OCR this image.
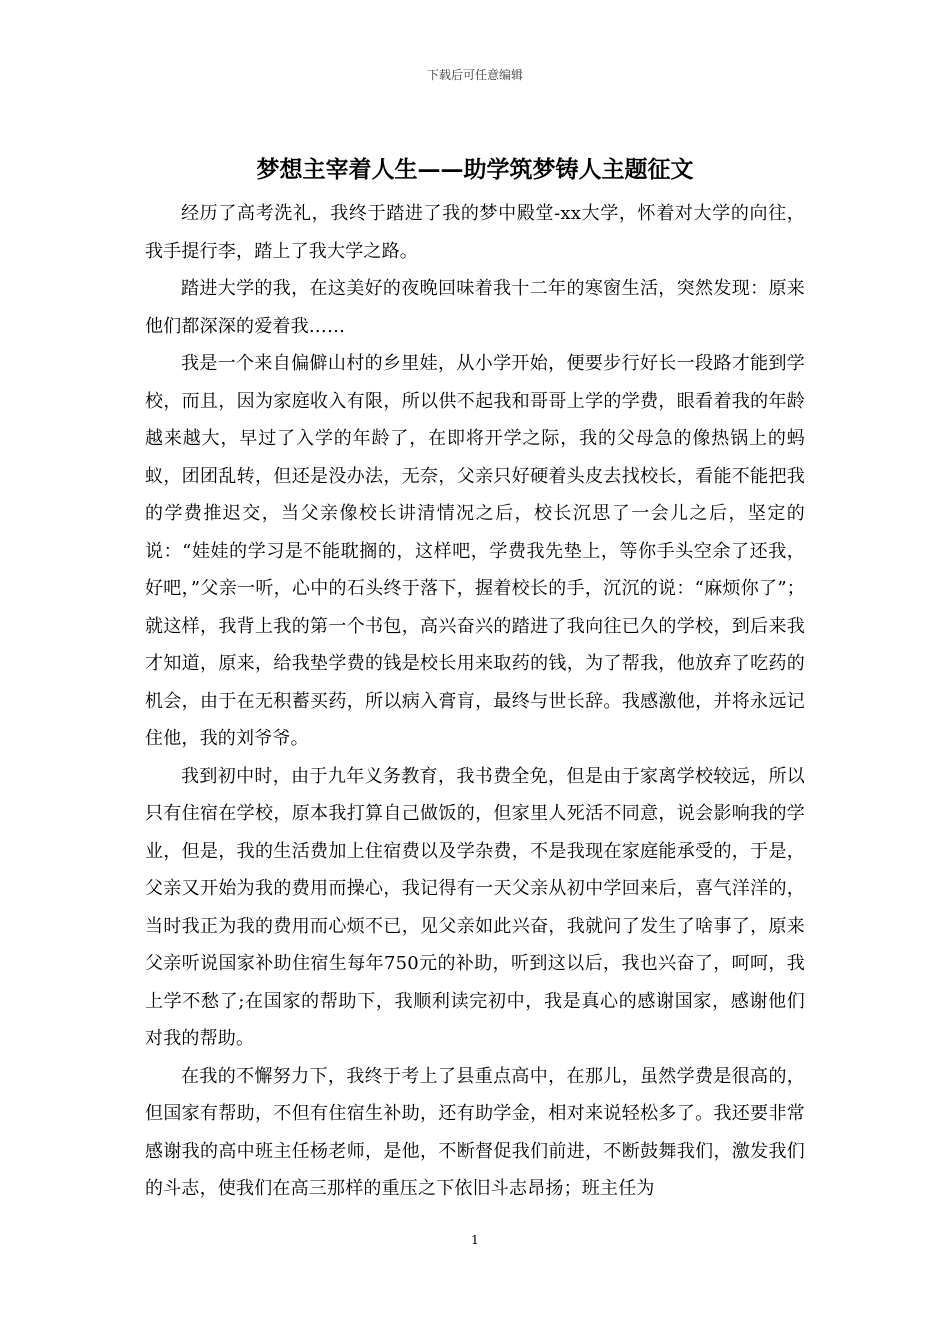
下载后可任意编辑
梦想主宰着人生——助学筑梦铸人主题征文

经历了高考洗礼，我终于踏进了我的梦中殿堂-xx大学，怀着对大学的向往，我手提行李，踏上了我大学之路。

踏进大学的我，在这美好的夜晚回味着我十二年的寒窗生活，突然发现：原来他们都深深的爱着我……

我是一个来自偏僻山村的乡里娃，从小学开始，便要步行好长一段路才能到学校，而且，因为家庭收入有限，所以供不起我和哥哥上学的学费，眼看着我的年龄越来越大，早过了入学的年龄了，在即将开学之际，我的父母急的像热锅上的蚂蚁，团团乱转，但还是没办法，无奈，父亲只好硬着头皮去找校长，看能不能把我的学费推迟交，当父亲像校长讲清情况之后，校长沉思了一会儿之后，坚定的说：“娃娃的学习是不能耽搁的，这样吧，学费我先垫上，等你手头空余了还我，好吧，”父亲一听，心中的石头终于落下，握着校长的手，沉沉的说：“麻烦你了”；就这样，我背上我的第一个书包，高兴奋兴的踏进了我向往已久的学校，到后来我才知道，原来，给我垫学费的钱是校长用来取药的钱，为了帮我，他放弃了吃药的机会，由于在无积蓄买药，所以病入膏肓，最终与世长辞。我感激他，并将永远记住他，我的刘爷爷。

我到初中时，由于九年义务教育，我书费全免，但是由于家离学校较远，所以只有住宿在学校，原本我打算自己做饭的，但家里人死活不同意，说会影响我的学业，但是，我的生活费加上住宿费以及学杂费，不是我现在家庭能承受的，于是，父亲又开始为我的费用而操心，我记得有一天父亲从初中学回来后，喜气洋洋的，当时我正为我的费用而心烦不已，见父亲如此兴奋，我就问了发生了啥事了，原来父亲听说国家补助住宿生每年750元的补助，听到这以后，我也兴奋了，呵呵，我上学不愁了;在国家的帮助下，我顺利读完初中，我是真心的感谢国家，感谢他们对我的帮助。

在我的不懈努力下，我终于考上了县重点高中，在那儿，虽然学费是很高的，但国家有帮助，不但有住宿生补助，还有助学金，相对来说轻松多了。我还要非常感谢我的高中班主任杨老师，是他，不断督促我们前进，不断鼓舞我们，激发我们的斗志，使我们在高三那样的重压之下依旧斗志昂扬；班主任为

1
